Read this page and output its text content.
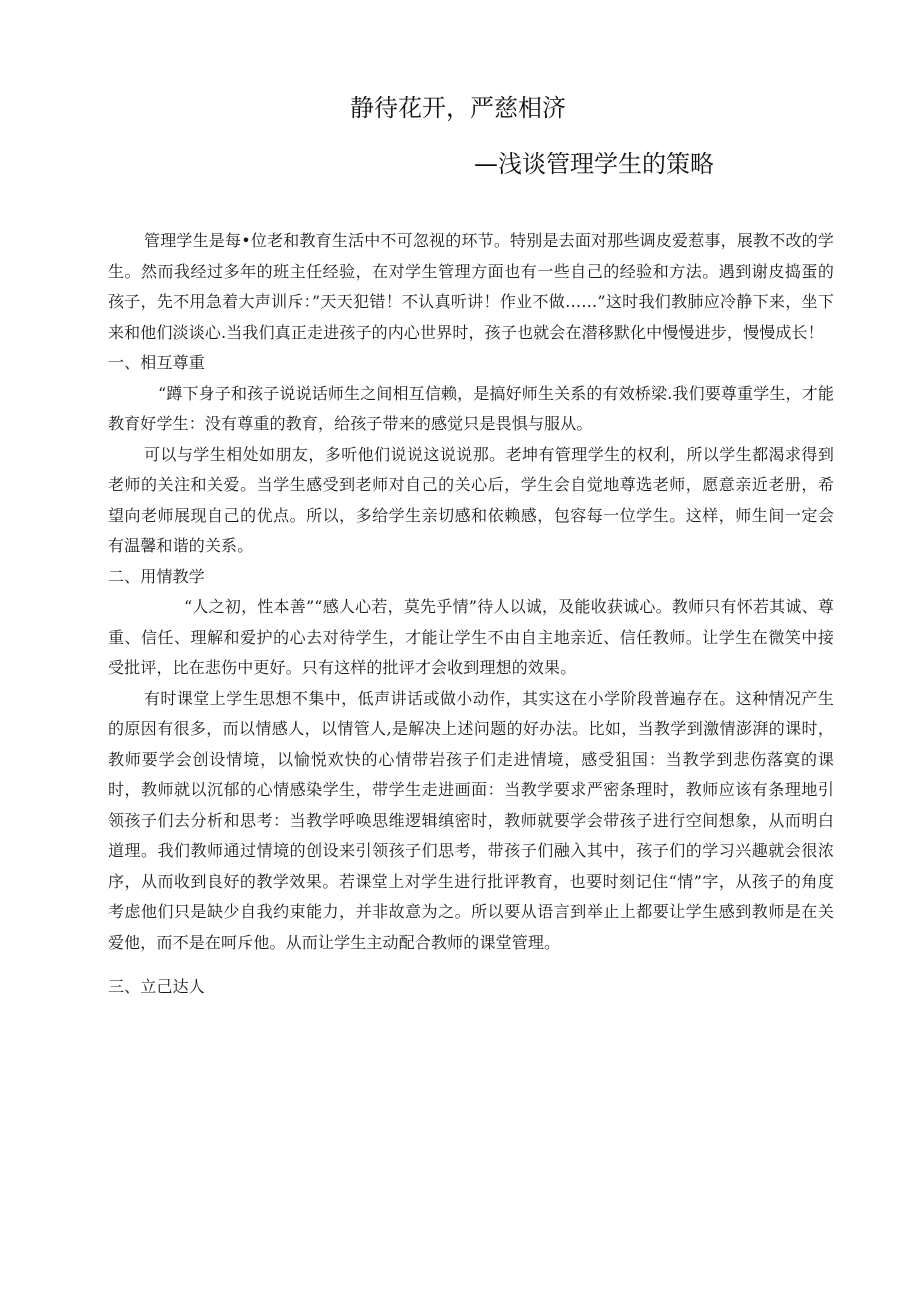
静待花开，严慈相济
—浅谈管理学生的策略

管理学生是每•位老和教育生活中不可忽视的环节。特别是去面对那些调皮爱惹事，展教不改的学生。然而我经过多年的班主任经验，在对学生管理方面也有一些自己的经验和方法。遇到谢皮捣蛋的孩子，先不用急着大声训斥：”天天犯错！不认真听讲！作业不做……”这时我们教肺应冷静下来，坐下来和他们淡谈心.当我们真正走进孩子的内心世界时，孩子也就会在潜移默化中慢慢进步，慢慢成长！

一、相互尊重

“蹲下身子和孩子说说话师生之间相互信赖，是搞好师生关系的有效桥梁.我们要尊重学生，才能教育好学生：没有尊重的教育，给孩子带来的感觉只是畏惧与服从。

可以与学生相处如朋友，多听他们说说这说说那。老坤有管理学生的权利，所以学生都渴求得到老师的关注和关爱。当学生感受到老师对自己的关心后，学生会自觉地尊选老师，愿意亲近老册，希望向老师展现自己的优点。所以，多给学生亲切感和依赖感，包容每一位学生。这样，师生间一定会有温馨和谐的关系。

二、用情教学

“人之初，性本善”“感人心若，莫先乎情”待人以诚，及能收获诚心。教师只有怀若其诚、尊重、信任、理解和爱护的心去对待学生，才能让学生不由自主地亲近、信任教师。让学生在微笑中接受批评，比在悲伤中更好。只有这样的批评才会收到理想的效果。

有时课堂上学生思想不集中，低声讲话或做小动作，其实这在小学阶段普遍存在。这种情况产生的原因有很多，而以情感人，以情管人,是解决上述问题的好办法。比如，当教学到激情澎湃的课时，教师要学会创设情境，以愉悦欢快的心情带岩孩子们走进情境，感受狙国：当教学到悲伤落寞的课时，教师就以沉郁的心情感染学生，带学生走进画面：当教学要求严密条理时，教师应该有条理地引领孩子们去分析和思考：当教学呼唤思维逻辑缜密时，教师就要学会带孩子进行空间想象，从而明白道理。我们教师通过情境的创设来引领孩子们思考，带孩子们融入其中，孩子们的学习兴趣就会很浓序，从而收到良好的教学效果。若课堂上对学生进行批评教育，也要时刻记住“情”字，从孩子的角度考虑他们只是缺少自我约束能力，并非故意为之。所以要从语言到举止上都要让学生感到教师是在关爱他，而不是在呵斥他。从而让学生主动配合教师的课堂管理。

三、立己达人
